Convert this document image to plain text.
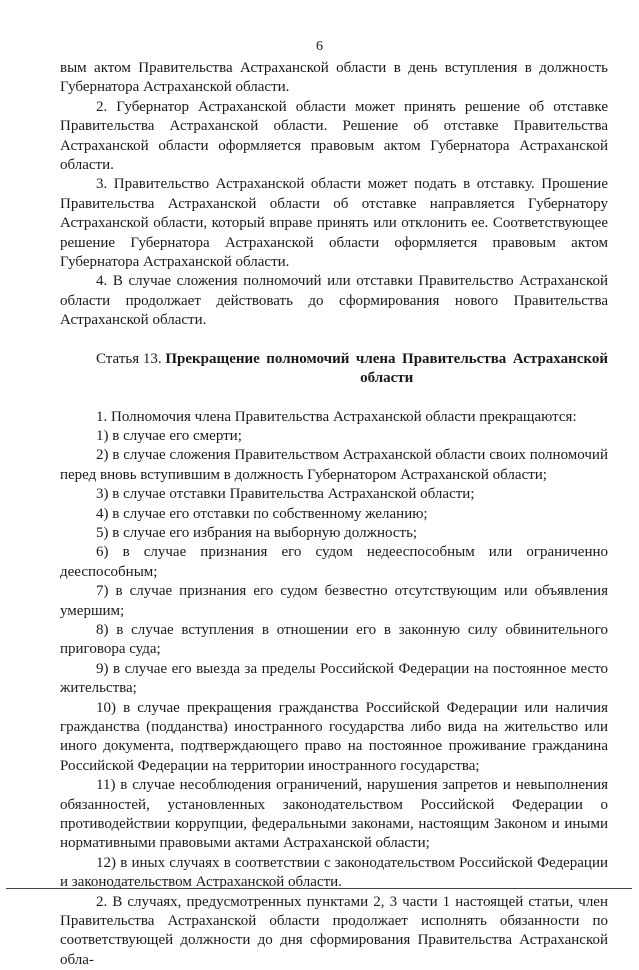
6

вым актом Правительства Астраханской области в день вступления в должность Губернатора Астраханской области.

2. Губернатор Астраханской области может принять решение об отставке Правительства Астраханской области. Решение об отставке Правительства Астраханской области оформляется правовым актом Губернатора Астраханской области.

3. Правительство Астраханской области может подать в отставку. Прошение Правительства Астраханской области об отставке направляется Губернатору Астраханской области, который вправе принять или отклонить ее. Соответствующее решение Губернатора Астраханской области оформляется правовым актом Губернатора Астраханской области.

4. В случае сложения полномочий или отставки Правительство Астраханской области продолжает действовать до сформирования нового Правительства Астраханской области.

Статья 13. Прекращение полномочий члена Правительства Астраханской области

1. Полномочия члена Правительства Астраханской области прекращаются:

1) в случае его смерти;

2) в случае сложения Правительством Астраханской области своих полномочий перед вновь вступившим в должность Губернатором Астраханской области;

3) в случае отставки Правительства Астраханской области;

4) в случае его отставки по собственному желанию;

5) в случае его избрания на выборную должность;

6) в случае признания его судом недееспособным или ограниченно дееспособным;

7) в случае признания его судом безвестно отсутствующим или объявления умершим;

8) в случае вступления в отношении его в законную силу обвинительного приговора суда;

9) в случае его выезда за пределы Российской Федерации на постоянное место жительства;

10) в случае прекращения гражданства Российской Федерации или наличия гражданства (подданства) иностранного государства либо вида на жительство или иного документа, подтверждающего право на постоянное проживание гражданина Российской Федерации на территории иностранного государства;

11) в случае несоблюдения ограничений, нарушения запретов и невыполнения обязанностей, установленных законодательством Российской Федерации о противодействии коррупции, федеральными законами, настоящим Законом и иными нормативными правовыми актами Астраханской области;

12) в иных случаях в соответствии с законодательством Российской Федерации и законодательством Астраханской области.

2. В случаях, предусмотренных пунктами 2, 3 части 1 настоящей статьи, член Правительства Астраханской области продолжает исполнять обязанности по соответствующей должности до дня сформирования Правительства Астраханской обла-
